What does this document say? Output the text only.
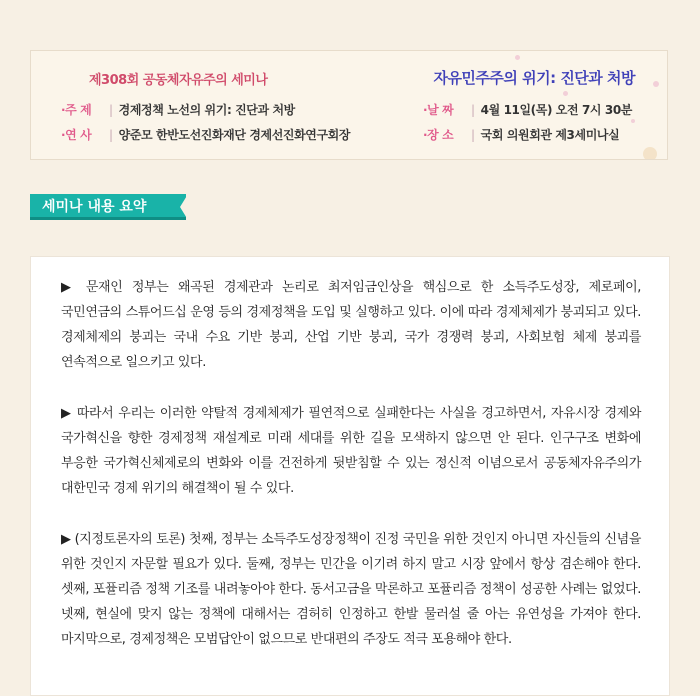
제308회 공동체자유주의 세미나	자유민주주의 위기: 진단과 처방
·주 제 | 경제정책 노선의 위기: 진단과 처방
·연 사 | 양준모 한반도선진화재단 경제선진화연구회장
·날 짜 | 4월 11일(목) 오전 7시 30분
·장 소 | 국회 의원회관 제3세미나실
세미나 내용 요약

▶ 문재인 정부는 왜곡된 경제관과 논리로 최저임금인상을 핵심으로 한 소득주도성장, 제로페이, 국민연금의 스튜어드십 운영 등의 경제정책을 도입 및 실행하고 있다. 이에 따라 경제체제가 붕괴되고 있다. 경제체제의 붕괴는 국내 수요 기반 붕괴, 산업 기반 붕괴, 국가 경쟁력 붕괴, 사회보험 체제 붕괴를 연속적으로 일으키고 있다.

▶ 따라서 우리는 이러한 약탈적 경제체제가 필연적으로 실패한다는 사실을 경고하면서, 자유시장 경제와 국가혁신을 향한 경제정책 재설계로 미래 세대를 위한 길을 모색하지 않으면 안 된다. 인구구조 변화에 부응한 국가혁신체제로의 변화와 이를 건전하게 뒷받침할 수 있는 정신적 이념으로서 공동체자유주의가 대한민국 경제 위기의 해결책이 될 수 있다.

▶ (지정토론자의 토론) 첫째, 정부는 소득주도성장정책이 진정 국민을 위한 것인지 아니면 자신들의 신념을 위한 것인지 자문할 필요가 있다. 둘째, 정부는 민간을 이기려 하지 말고 시장 앞에서 항상 겸손해야 한다. 셋째, 포퓰리즘 정책 기조를 내려놓아야 한다. 동서고금을 막론하고 포퓰리즘 정책이 성공한 사례는 없었다. 넷째, 현실에 맞지 않는 정책에 대해서는 겸허히 인정하고 한발 물러설 줄 아는 유연성을 가져야 한다. 마지막으로, 경제정책은 모범답안이 없으므로 반대편의 주장도 적극 포용해야 한다.
